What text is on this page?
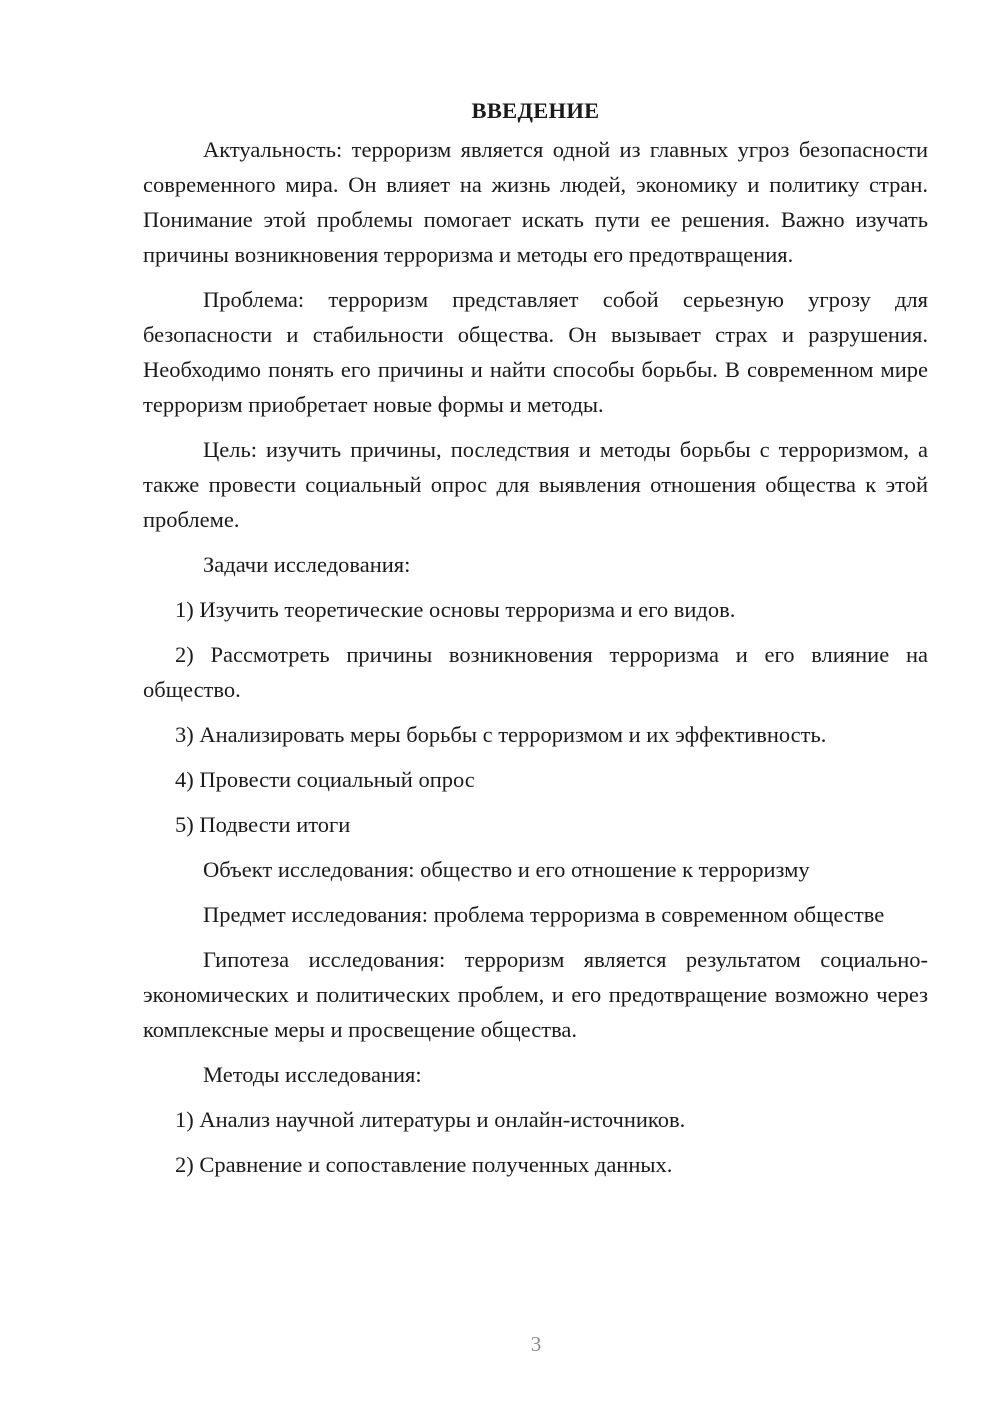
ВВЕДЕНИЕ

Актуальность: терроризм является одной из главных угроз безопасности современного мира. Он влияет на жизнь людей, экономику и политику стран. Понимание этой проблемы помогает искать пути ее решения. Важно изучать причины возникновения терроризма и методы его предотвращения.

Проблема: терроризм представляет собой серьезную угрозу для безопасности и стабильности общества. Он вызывает страх и разрушения. Необходимо понять его причины и найти способы борьбы. В современном мире терроризм приобретает новые формы и методы.

Цель: изучить причины, последствия и методы борьбы с терроризмом, а также провести социальный опрос для выявления отношения общества к этой проблеме.

Задачи исследования:

1) Изучить теоретические основы терроризма и его видов.

2) Рассмотреть причины возникновения терроризма и его влияние на общество.

3) Анализировать меры борьбы с терроризмом и их эффективность.

4) Провести социальный опрос

5) Подвести итоги

Объект исследования: общество и его отношение к терроризму

Предмет исследования: проблема терроризма в современном обществе

Гипотеза исследования: терроризм является результатом социально-экономических и политических проблем, и его предотвращение возможно через комплексные меры и просвещение общества.

Методы исследования:

1) Анализ научной литературы и онлайн-источников.

2) Сравнение и сопоставление полученных данных.

3
